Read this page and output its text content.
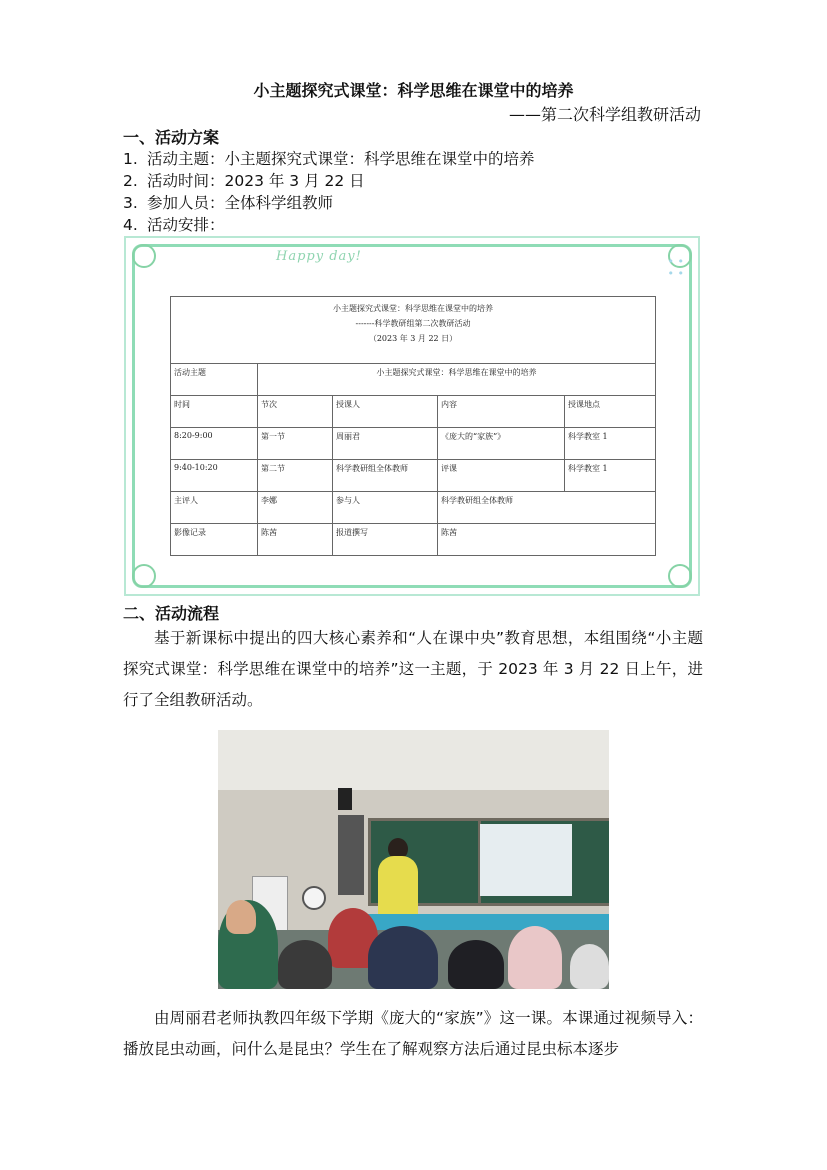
小主题探究式课堂：科学思维在课堂中的培养
——第二次科学组教研活动
一、活动方案
1. 活动主题：小主题探究式课堂：科学思维在课堂中的培养
2. 活动时间：2023 年 3 月 22 日
3. 参加人员：全体科学组教师
4. 活动安排：
Happy day!	• •
• •
小主题探究式课堂：科学思维在课堂中的培养
-------科学教研组第二次教研活动
（2023 年 3 月 22 日）				

活动主题	小主题探究式课堂：科学思维在课堂中的培养			
时间	节次	授课人	内容	授课地点
8:20-9:00	第一节	周丽君	《庞大的“家族”》	科学教室 1
9:40-10:20	第二节	科学教研组全体教师	评课	科学教室 1
主评人	李娜	参与人	科学教研组全体教师	
影像记录	陈茜	报道撰写	陈茜	
二、活动流程
基于新课标中提出的四大核心素养和“人在课中央”教育思想，本组围绕“小主题探究式课堂：科学思维在课堂中的培养”这一主题，于 2023 年 3 月 22 日上午，进行了全组教研活动。
由周丽君老师执教四年级下学期《庞大的“家族”》这一课。本课通过视频导入：播放昆虫动画，问什么是昆虫？学生在了解观察方法后通过昆虫标本逐步
